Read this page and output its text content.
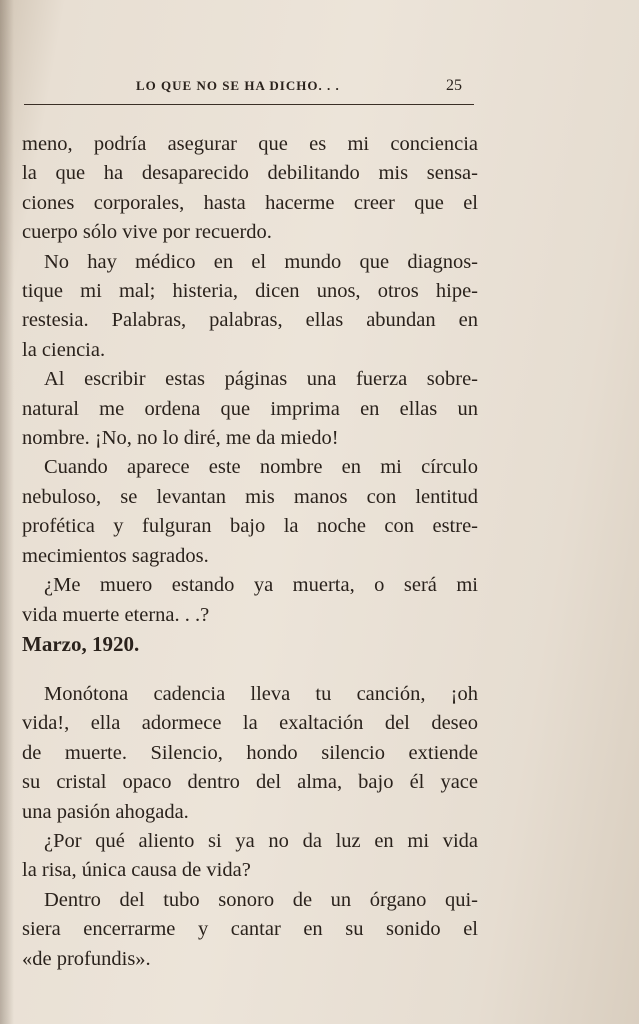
LO QUE NO SE HA DICHO. . .	25
meno, podría asegurar que es mi conciencia
la que ha desaparecido debilitando mis sensa-
ciones corporales, hasta hacerme creer que el
cuerpo sólo vive por recuerdo.
No hay médico en el mundo que diagnos-
tique mi mal; histeria, dicen unos, otros hipe-
restesia. Palabras, palabras, ellas abundan en
la ciencia.
Al escribir estas páginas una fuerza sobre-
natural me ordena que imprima en ellas un
nombre. ¡No, no lo diré, me da miedo!
Cuando aparece este nombre en mi círculo
nebuloso, se levantan mis manos con lentitud
profética y fulguran bajo la noche con estre-
mecimientos sagrados.
¿Me muero estando ya muerta, o será mi
vida muerte eterna. . .?
Marzo, 1920.
Monótona cadencia lleva tu canción, ¡oh
vida!, ella adormece la exaltación del deseo
de muerte. Silencio, hondo silencio extiende
su cristal opaco dentro del alma, bajo él yace
una pasión ahogada.
¿Por qué aliento si ya no da luz en mi vida
la risa, única causa de vida?
Dentro del tubo sonoro de un órgano qui-
siera encerrarme y cantar en su sonido el
«de profundis».
